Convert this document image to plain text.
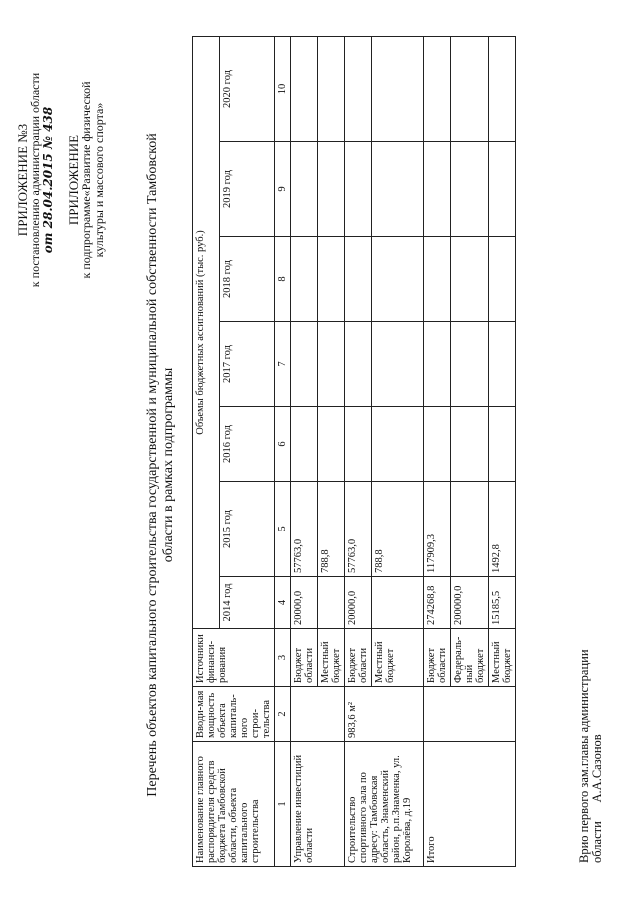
ПРИЛОЖЕНИЕ №3
к постановлению администрации области от 28.04.2015 № 438 ПРИЛОЖЕНИЕ
к подпрограмме«Развитие физической культуры и массового спорта»	Перечень объектов капитального строительства государственной и муниципальной собственности Тамбовской области в рамках подпрограммы
Наименование главного распорядителя средств бюджета Тамбовской области, объекта капитального строительства	Вводи-мая мощность объекта капиталь-ного строи-тельства	Источники финанси-рования	Объемы бюджетных ассигнований (тыс. руб.)						
			2014 год	2015 год	2016 год	2017 год	2018 год	2019 год	2020 год
1	2	3	4	5	6	7	8	9	10
Управление инвестиций области		Бюджет области	20000,0	57763,0					
		Местный бюджет		788,8					
Строительство спортивного зала по адресу: Тамбовская область, Знаменский район, р.п.Знаменка, ул. Королёва, д.19	983,6 м²	Бюджет области	20000,0	57763,0					
		Местный бюджет		788,8					
Итого		Бюджет области	274268,8	117909,3					
		Федераль-ный бюджет	200000,0						
		Местный бюджет	15185,5	1492,8					
Врио первого зам.главы администрации области      А.А.Сазонов
